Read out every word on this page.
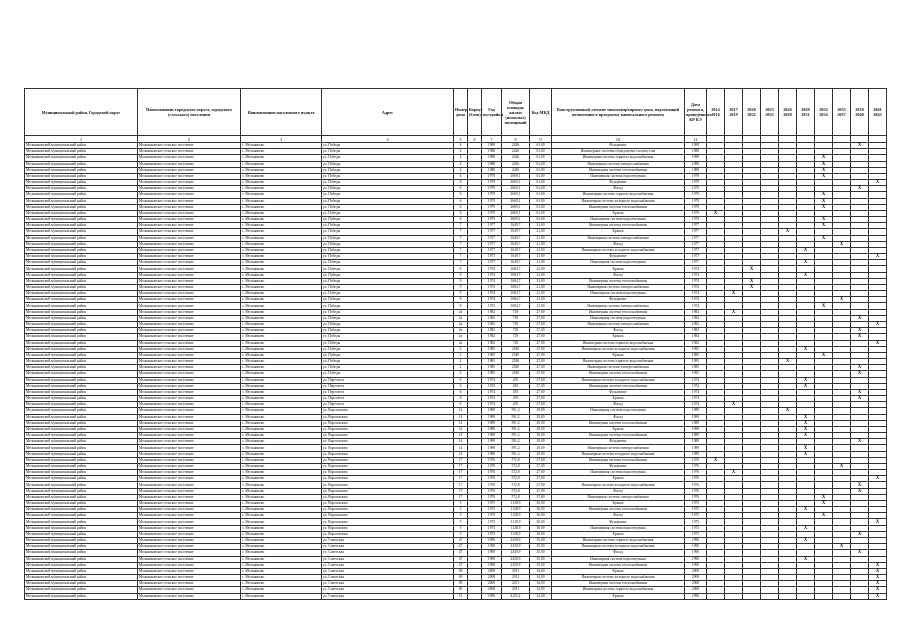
Муниципальный район, Городской округ	Наименование городского округа, городского (сельского) поселения	Наименование населенного пункта	Адрес	Номер дома	Корпус (блок)	Год постройки	Общая площадь жилых (нежилых) помещений	Код МКД	Конструктивный элемент многоквартирного дома, подлежащий включению в программу капитального ремонта	Дата ремонта, проведённого КР КЭ	2014 2016	2017 2019	2020 2022	2023 2025	2026 2028	2029 2031	2032 2034	2035 2037	2038 2040	2041 2043
1	2	3	4	5	6	7	8	9	10	11										
Мельниковский муниципальный район	Мельниковское сельское поселение	с. Мельниково	ул. Победы	4		1988	2426	61,00	Фундамент	1988									X	
Мельниковский муниципальный район	Мельниковское сельское поселение	с. Мельниково	ул. Победы	4		1988	2426	61,00	Инженерные системы общедомового имущества	1988										
Мельниковский муниципальный район	Мельниковское сельское поселение	с. Мельниково	ул. Победы	4		1988	2426	61,00	Инженерная система горячего водоснабжения	1988							X			
Мельниковский муниципальный район	Мельниковское сельское поселение	с. Мельниково	ул. Победы	4		1988	2426	61,00	Инженерная система электроснабжения	1988							X			
Мельниковский муниципальный район	Мельниковское сельское поселение	с. Мельниково	ул. Победы	4		1988	2426	61,00	Инженерная система теплоснабжения	1988							X			
Мельниковский муниципальный район	Мельниковское сельское поселение	с. Мельниково	ул. Победы	6		1979	2669,1	61,00	Инженерная система водоотведения	1979							X			
Мельниковский муниципальный район	Мельниковское сельское поселение	с. Мельниково	ул. Победы	6		1979	2669,1	61,00	Фундамент	1979										X
Мельниковский муниципальный район	Мельниковское сельское поселение	с. Мельниково	ул. Победы	6		1979	2669,1	61,00	Фасад	1979									X	
Мельниковский муниципальный район	Мельниковское сельское поселение	с. Мельниково	ул. Победы	6		1979	2669,1	61,00	Инженерная система горячего водоснабжения	1979							X			
Мельниковский муниципальный район	Мельниковское сельское поселение	с. Мельниково	ул. Победы	6		1979	2669,1	61,00	Инженерная система холодного водоснабжения	1979							X			
Мельниковский муниципальный район	Мельниковское сельское поселение	с. Мельниково	ул. Победы	6		1979	2669,1	61,00	Инженерная система теплоснабжения	1979							X			
Мельниковский муниципальный район	Мельниковское сельское поселение	с. Мельниково	ул. Победы	6		1979	2669,1	61,00	Крыша	1979	X									
Мельниковский муниципальный район	Мельниковское сельское поселение	с. Мельниково	ул. Победы	6		1979	2669,1	61,00	Инженерная система водоотведения	1979							X			
Мельниковский муниципальный район	Мельниковское сельское поселение	с. Мельниково	ул. Победы	7		1977	1649,7	21,00	Инженерная система теплоснабжения	1977							X			
Мельниковский муниципальный район	Мельниковское сельское поселение	с. Мельниково	ул. Победы	7		1977	1649,7	21,00	Крыша	1977					X					
Мельниковский муниципальный район	Мельниковское сельское поселение	с. Мельниково	ул. Победы	7		1977	1649,7	21,00	Инженерная система электроснабжения	1977							X			
Мельниковский муниципальный район	Мельниковское сельское поселение	с. Мельниково	ул. Победы	7		1977	1649,7	21,00	Фасад	1977								X		
Мельниковский муниципальный район	Мельниковское сельское поселение	с. Мельниково	ул. Победы	7		1977	1649,7	21,00	Инженерная система холодного водоснабжения	1977						X				
Мельниковский муниципальный район	Мельниковское сельское поселение	с. Мельниково	ул. Победы	7		1977	1649,7	21,00	Фундамент	1977										X
Мельниковский муниципальный район	Мельниковское сельское поселение	с. Мельниково	ул. Победы	7		1977	1649,7	21,00	Инженерная система водоотведения	1977						X				
Мельниковский муниципальный район	Мельниковское сельское поселение	с. Мельниково	ул. Победы	9		1974	1684,7	21,00	Крыша	1974			X							
Мельниковский муниципальный район	Мельниковское сельское поселение	с. Мельниково	ул. Победы	9		1974	1684,7	21,00	Фасад	1974						X				
Мельниковский муниципальный район	Мельниковское сельское поселение	с. Мельниково	ул. Победы	9		1974	1684,7	21,00	Инженерная система теплоснабжения	1974			X							
Мельниковский муниципальный район	Мельниковское сельское поселение	с. Мельниково	ул. Победы	9		1974	1684,7	21,00	Инженерная система электроснабжения	1974			X							
Мельниковский муниципальный район	Мельниковское сельское поселение	с. Мельниково	ул. Победы	9		1974	1684,7	21,00	Инженерная система водоотведения	1974		X								
Мельниковский муниципальный район	Мельниковское сельское поселение	с. Мельниково	ул. Победы	9		1974	1684,7	21,00	Фундамент	1974								X		
Мельниковский муниципальный район	Мельниковское сельское поселение	с. Мельниково	ул. Победы	9		1974	1684,7	21,00	Инженерная система электроснабжения	1974							X			
Мельниковский муниципальный район	Мельниковское сельское поселение	с. Мельниково	ул. Победы	2а		1982	729	27,00	Инженерная система теплоснабжения	1982		X								
Мельниковский муниципальный район	Мельниковское сельское поселение	с. Мельниково	ул. Победы	2а		1982	729	27,00	Инженерная система водоотведения	1982									X	
Мельниковский муниципальный район	Мельниковское сельское поселение	с. Мельниково	ул. Победы	2а		1982	729	27,00	Инженерная система электроснабжения	1982										X
Мельниковский муниципальный район	Мельниковское сельское поселение	с. Мельниково	ул. Победы	2а		1982	729	27,00	Фасад	1982									X	
Мельниковский муниципальный район	Мельниковское сельское поселение	с. Мельниково	ул. Победы	2а		1982	729	27,00	Крыша	1982									X	
Мельниковский муниципальный район	Мельниковское сельское поселение	с. Мельниково	ул. Победы	2а		1982	729	27,00	Инженерная система горячего водоснабжения	1982										X
Мельниковский муниципальный район	Мельниковское сельское поселение	с. Мельниково	ул. Победы	2		1985	2540	27,00	Инженерная система холодного водоснабжения	1985						X				
Мельниковский муниципальный район	Мельниковское сельское поселение	с. Мельниково	ул. Победы	2		1985	2540	27,00	Крыша	1985							X			
Мельниковский муниципальный район	Мельниковское сельское поселение	с. Мельниково	ул. Победы	2		1985	2540	27,00	Инженерная система горячего водоснабжения	1985					X					
Мельниковский муниципальный район	Мельниковское сельское поселение	с. Мельниково	ул. Победы	2		1985	2540	27,00	Инженерная система электроснабжения	1985									X	
Мельниковский муниципальный район	Мельниковское сельское поселение	с. Мельниково	ул. Победы	2		1985	2540	27,00	Инженерная система теплоснабжения	1985									X	
Мельниковский муниципальный район	Мельниковское сельское поселение	с. Мельниково	ул. Пересвета	6		1974	455	27,00	Инженерная система холодного водоснабжения	1974						X				
Мельниковский муниципальный район	Мельниковское сельское поселение	с. Мельниково	ул. Пересвета	6		1974	455	27,00	Инженерная система теплоснабжения	1974						X				
Мельниковский муниципальный район	Мельниковское сельское поселение	с. Мельниково	ул. Пересвета	6		1974	455	27,00	Фундамент	1974									X	
Мельниковский муниципальный район	Мельниковское сельское поселение	с. Мельниково	ул. Пересвета	6		1974	455	27,00	Крыша	1974									X	
Мельниковский муниципальный район	Мельниковское сельское поселение	с. Мельниково	ул. Пересвета	6		1974	455	27,00	Фасад	1974		X								
Мельниковский муниципальный район	Мельниковское сельское поселение	с. Мельниково	ул. Ворошилова	14		1989	591,2	29,00	Инженерная система водоотведения	1989					X					
Мельниковский муниципальный район	Мельниковское сельское поселение	с. Мельниково	ул. Ворошилова	14		1989	591,2	29,00	Фасад	1989						X				
Мельниковский муниципальный район	Мельниковское сельское поселение	с. Мельниково	ул. Ворошилова	14		1989	591,2	29,00	Инженерная система теплоснабжения	1989						X				
Мельниковский муниципальный район	Мельниковское сельское поселение	с. Мельниково	ул. Ворошилова	14		1989	591,2	29,00	Крыша	1989						X				
Мельниковский муниципальный район	Мельниковское сельское поселение	с. Мельниково	ул. Ворошилова	14		1989	591,2	29,00	Инженерная система теплоснабжения	1989						X				
Мельниковский муниципальный район	Мельниковское сельское поселение	с. Мельниково	ул. Ворошилова	14		1989	591,2	29,00	Фундамент	1989									X	
Мельниковский муниципальный район	Мельниковское сельское поселение	с. Мельниково	ул. Ворошилова	14		1989	591,2	29,00	Инженерная система электроснабжения	1989						X				
Мельниковский муниципальный район	Мельниковское сельское поселение	с. Мельниково	ул. Ворошилова	14		1989	591,2	29,00	Инженерная система холодного водоснабжения	1989						X				
Мельниковский муниципальный район	Мельниковское сельское поселение	с. Мельниково	ул. Ворошилова	17		1976	572,8	27,00	Инженерная система теплоснабжения	1976	X									
Мельниковский муниципальный район	Мельниковское сельское поселение	с. Мельниково	ул. Ворошилова	17		1976	572,8	27,00	Фундамент	1976								X		
Мельниковский муниципальный район	Мельниковское сельское поселение	с. Мельниково	ул. Ворошилова	17		1976	572,8	27,00	Инженерная система водоотведения	1976		X								
Мельниковский муниципальный район	Мельниковское сельское поселение	с. Мельниково	ул. Ворошилова	17		1976	572,8	27,00	Крыша	1976										X
Мельниковский муниципальный район	Мельниковское сельское поселение	с. Мельниково	ул. Ворошилова	17		1976	572,8	27,00	Инженерная система холодного водоснабжения	1976									X	
Мельниковский муниципальный район	Мельниковское сельское поселение	с. Мельниково	ул. Ворошилова	17		1976	572,8	27,00	Фасад	1976									X	
Мельниковский муниципальный район	Мельниковское сельское поселение	с. Мельниково	ул. Ворошилова	17		1976	572,8	27,00	Инженерная система электроснабжения	1976							X			
Мельниковский муниципальный район	Мельниковское сельское поселение	с. Мельниково	ул. Ворошилова	5		1975	1128,9	30,00	Крыша	1975							X			
Мельниковский муниципальный район	Мельниковское сельское поселение	с. Мельниково	ул. Ворошилова	5		1975	1128,9	30,00	Инженерная система теплоснабжения	1975						X				
Мельниковский муниципальный район	Мельниковское сельское поселение	с. Мельниково	ул. Ворошилова	5		1975	1128,9	30,00	Фасад	1975							X			
Мельниковский муниципальный район	Мельниковское сельское поселение	с. Мельниково	ул. Ворошилова	5		1975	1128,9	30,00	Фундамент	1975										X
Мельниковский муниципальный район	Мельниковское сельское поселение	с. Мельниково	ул. Ворошилова	5		1975	1128,9	30,00	Инженерная система водоотведения	1975						X				
Мельниковский муниципальный район	Мельниковское сельское поселение	с. Мельниково	ул. Ворошилова	5		1975	1128,9	30,00	Крыша	1975									X	
Мельниковский муниципальный район	Мельниковское сельское поселение	с. Мельниково	ул. Советская	47		1990	2430,9	35,00	Инженерная система горячего водоснабжения	1990						X				
Мельниковский муниципальный район	Мельниковское сельское поселение	с. Мельниково	ул. Советская	47		1990	2430,9	35,00	Инженерная система холодного водоснабжения	1990								X		
Мельниковский муниципальный район	Мельниковское сельское поселение	с. Мельниково	ул. Советская	47		1990	2430,9	35,00	Фасад	1990									X	
Мельниковский муниципальный район	Мельниковское сельское поселение	с. Мельниково	ул. Советская	47		1990	2430,9	35,00	Инженерная система водоотведения	1990						X				
Мельниковский муниципальный район	Мельниковское сельское поселение	с. Мельниково	ул. Советская	47		1990	2430,9	35,00	Инженерная система теплоснабжения	1990										X
Мельниковский муниципальный район	Мельниковское сельское поселение	с. Мельниково	ул. Советская	49		2008	2011	34,00	Крыша	2008										X
Мельниковский муниципальный район	Мельниковское сельское поселение	с. Мельниково	ул. Советская	49		2008	2011	34,00	Инженерная система холодного водоснабжения	2008										X
Мельниковский муниципальный район	Мельниковское сельское поселение	с. Мельниково	ул. Советская	49		2008	2011	34,00	Инженерная система теплоснабжения	2008										X
Мельниковский муниципальный район	Мельниковское сельское поселение	с. Мельниково	ул. Советская	49		2008	2011	34,00	Инженерная система горячего водоснабжения	2008										X
Мельниковский муниципальный район	Мельниковское сельское поселение	с. Мельниково	ул. Советская	51		1990	4121,2	34,00	Крыша	1990										X
